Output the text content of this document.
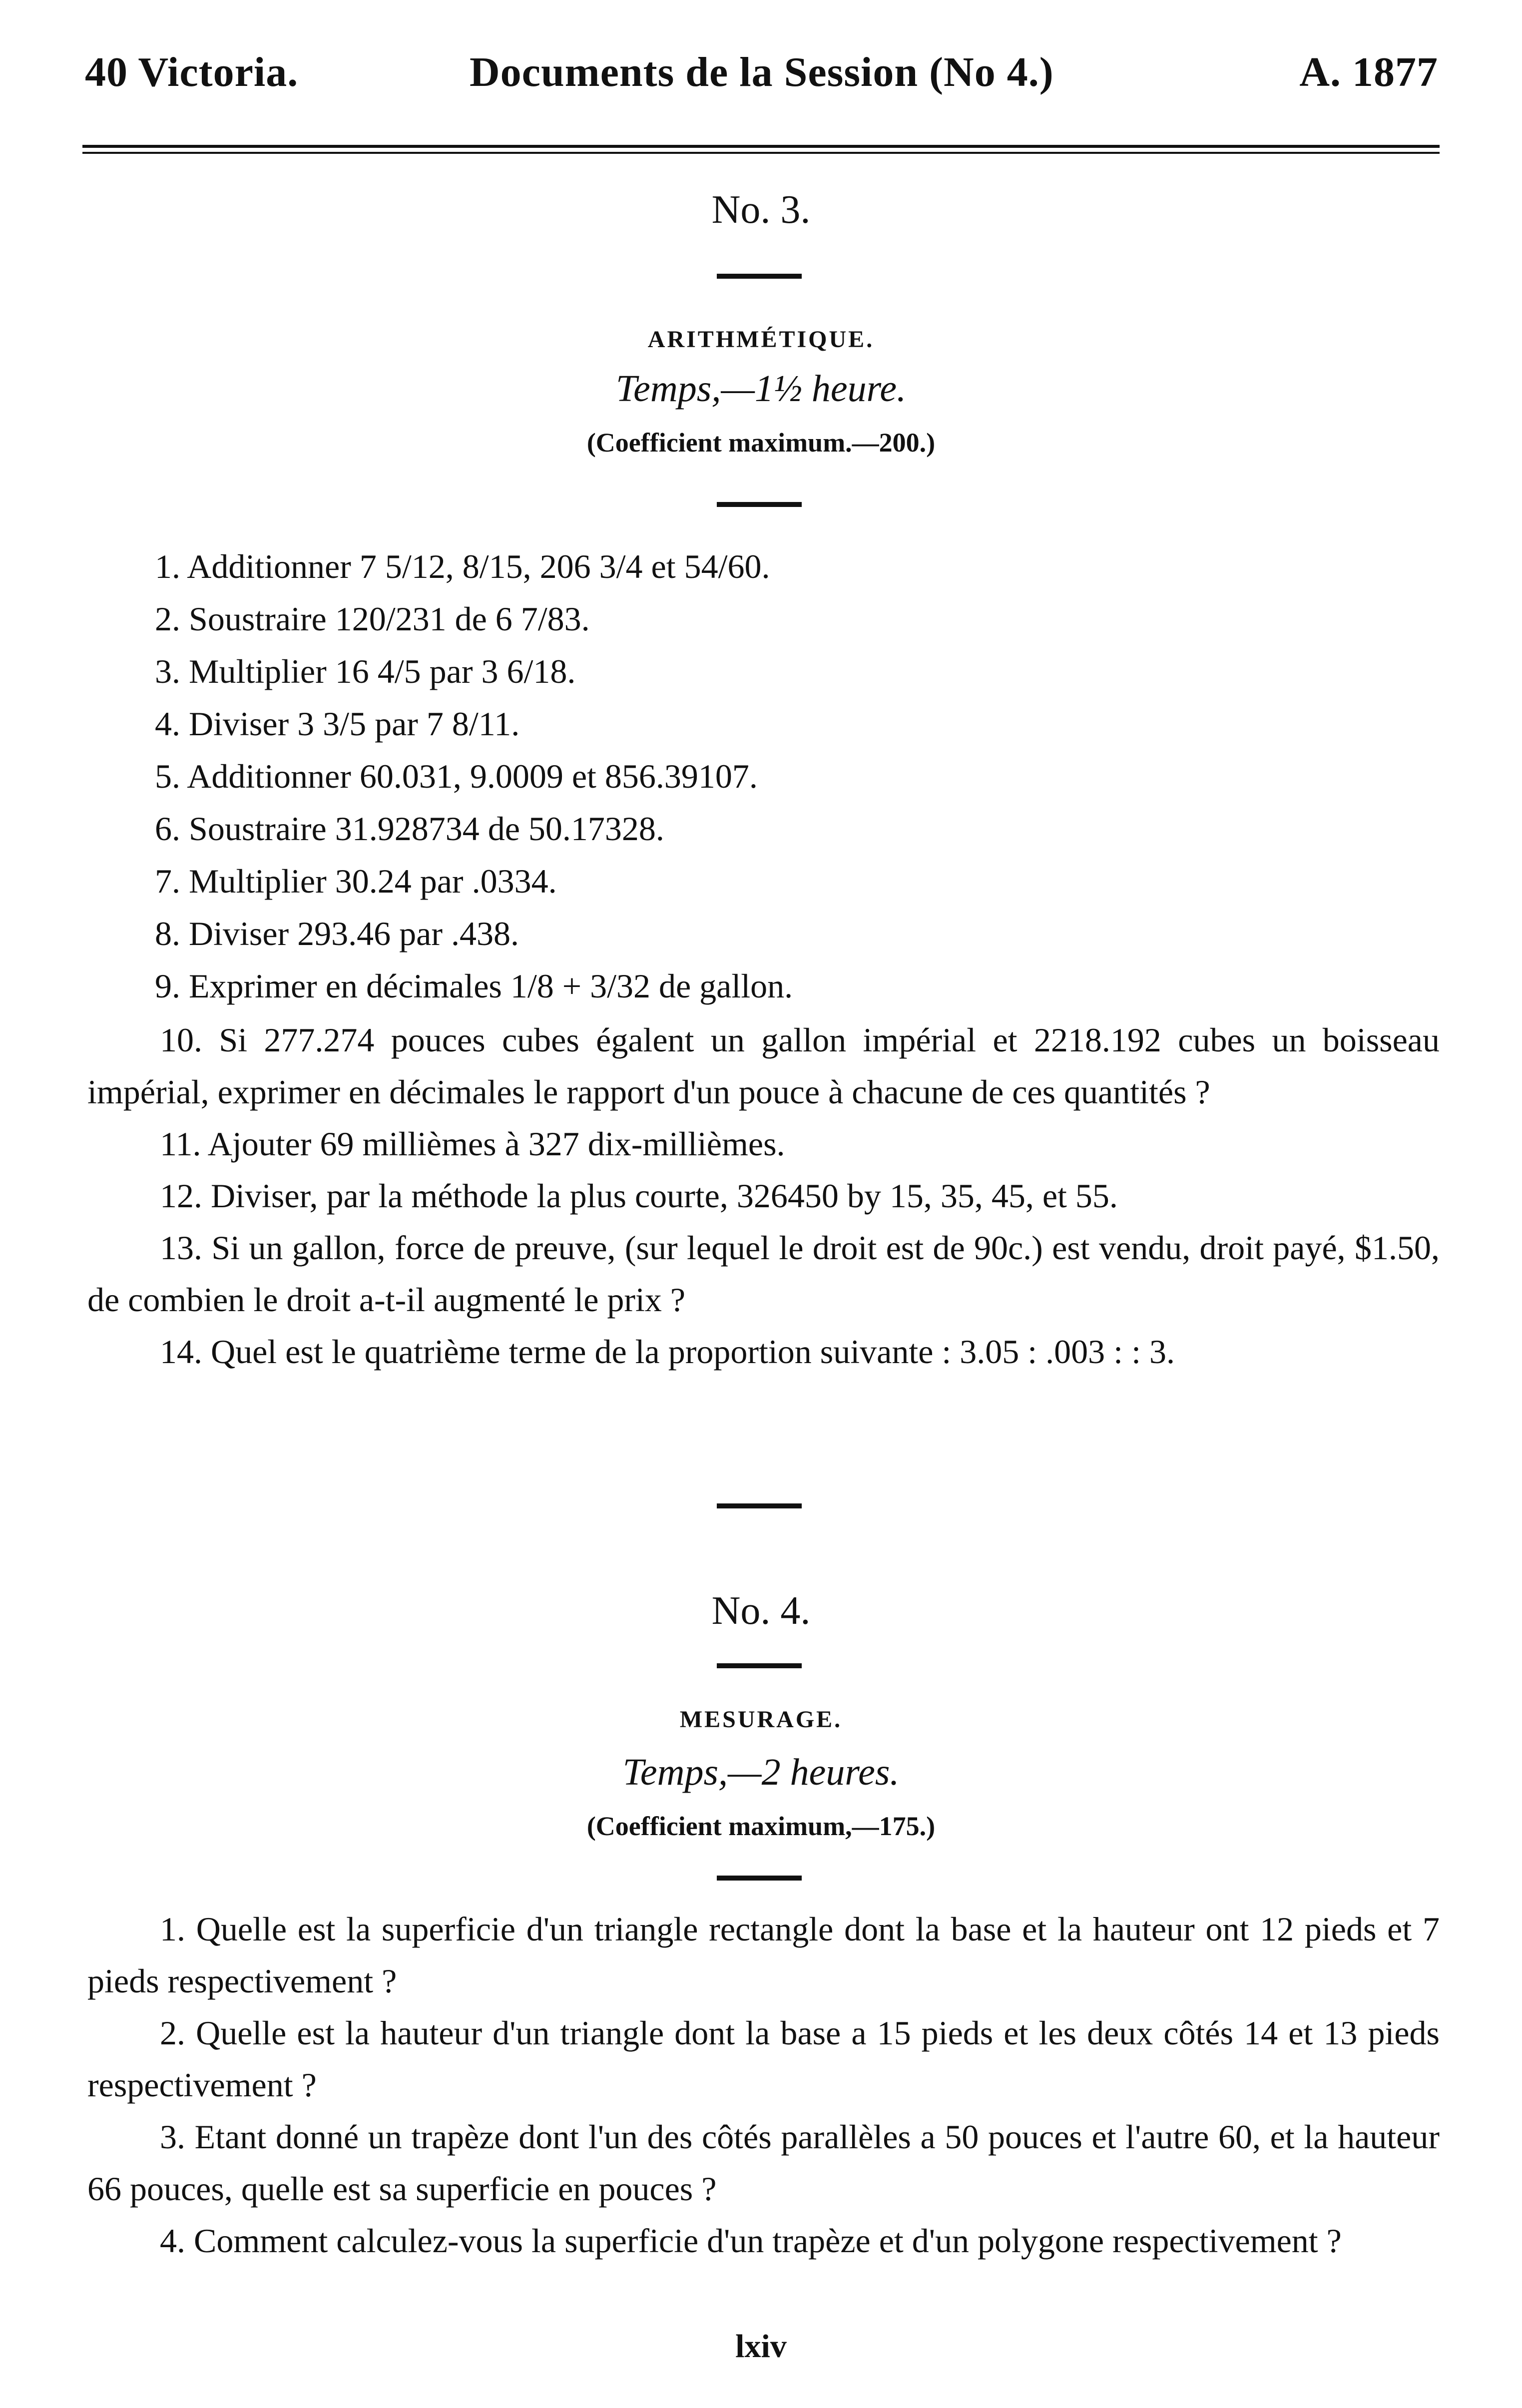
40 Victoria.	Documents de la Session (No 4.)	A. 1877
No. 3.
ARITHMÉTIQUE.
Temps,—1½ heure.
(Coefficient maximum.—200.)
1. Additionner 7 5/12, 8/15, 206 3/4 et 54/60.
2. Soustraire 120/231 de 6 7/83.
3. Multiplier 16 4/5 par 3 6/18.
4. Diviser 3 3/5 par 7 8/11.
5. Additionner 60.031, 9.0009 et 856.39107.
6. Soustraire 31.928734 de 50.17328.
7. Multiplier 30.24 par .0334.
8. Diviser 293.46 par .438.
9. Exprimer en décimales 1/8 + 3/32 de gallon.
10. Si 277.274 pouces cubes égalent un gallon impérial et 2218.192 cubes un boisseau impérial, exprimer en décimales le rapport d'un pouce à chacune de ces quantités ?
11. Ajouter 69 millièmes à 327 dix-millièmes.
12. Diviser, par la méthode la plus courte, 326450 by 15, 35, 45, et 55.
13. Si un gallon, force de preuve, (sur lequel le droit est de 90c.) est vendu, droit payé, $1.50, de combien le droit a-t-il augmenté le prix ?
14. Quel est le quatrième terme de la proportion suivante : 3.05 : .003 : : 3.
No. 4.
MESURAGE.
Temps,—2 heures.
(Coefficient maximum,—175.)
1. Quelle est la superficie d'un triangle rectangle dont la base et la hauteur ont 12 pieds et 7 pieds respectivement ?
2. Quelle est la hauteur d'un triangle dont la base a 15 pieds et les deux côtés 14 et 13 pieds respectivement ?
3. Etant donné un trapèze dont l'un des côtés parallèles a 50 pouces et l'autre 60, et la hauteur 66 pouces, quelle est sa superficie en pouces ?
4. Comment calculez-vous la superficie d'un trapèze et d'un polygone respectivement ?
lxiv
